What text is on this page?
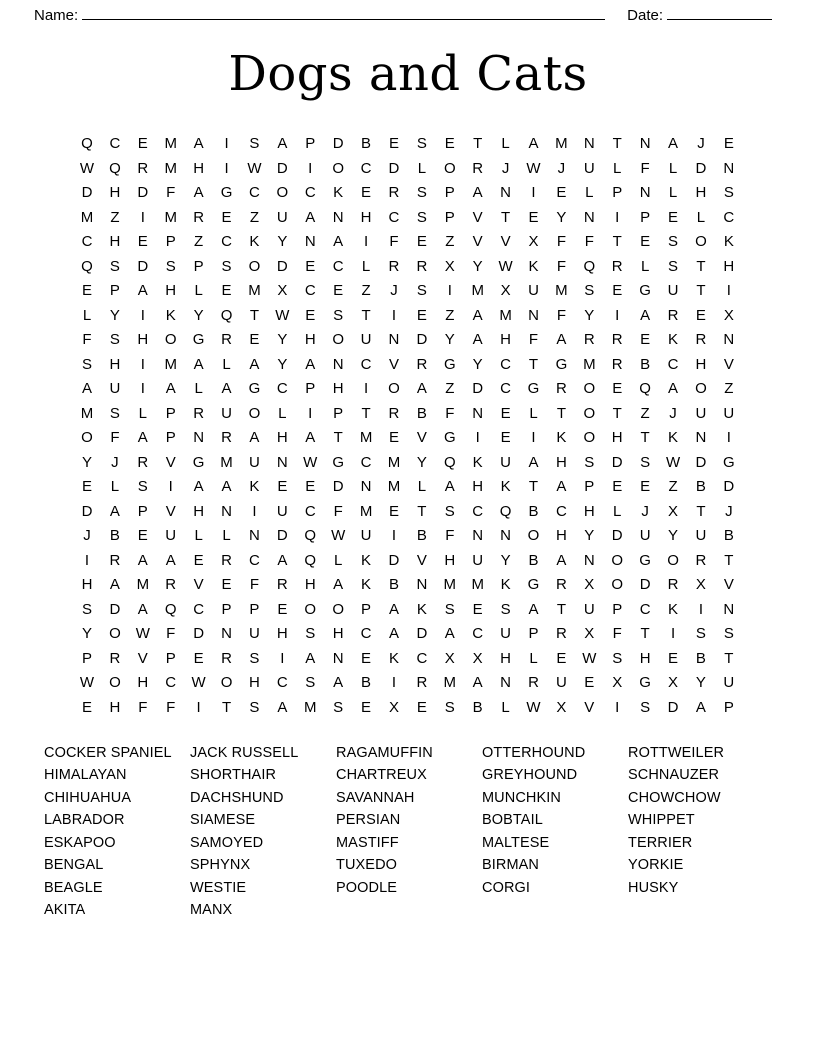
Name:	Date:
Dogs and Cats
Q C E M A	I	S A P D B E S E T	L	A M N T N A	J	E
W Q R M H	I	W D	I	O C D	L	O R	J	W	J	U	L	F	L	D N
D H D F A G C O C K E R S P A N	I	E	L	P N	L	H S
M Z	I	M R E Z U A N H C S P V T E Y N	I	P E	L	C
C H E P Z C K Y N A	I	F E Z V V X F F T E S O K
Q S D S P S O D E C	L	R R X Y W K F Q R	L	S T H
E P A H	L	E M X C E Z	J	S	I	M X U M S E G U T	I
L	Y	I	K Y Q T W E S T	I	E Z A M N F Y	I	A R E X
F S H O G R E Y H O U N D Y A H F A R R E K R N
S H	I	M A	L	A Y A N C V R G Y C T G M R B C H V
A U	I	A	L	A G C P H	I	O A Z D C G R O E Q A O Z
M S	L	P R U O	L	I	P T R B F N E	L	T O T Z	J	U U
O F A P N R A H A T M E V G	I	E	I	K O H T K N	I
Y	J	R V G M U N W G C M Y Q K U A H S D S W D G
E	L	S	I	A A K E E D N M	L	A H K T A P E E Z B D
D A P V H N	I	U C F M E T S C Q B C H	L	J	X T	J
J	B E U	L	L	N D Q W U	I	B F N N O H Y D U Y U B
I	R A A E R C A Q	L	K D V H U Y B A N O G O R T
H A M R V E F R H A K B N M M K G R X O D R X V
S D A Q C P P E O O P A K S E S A T U P C K	I	N
Y O W F D N U H S H C A D A C U P R X F T	I	S S
P R V P E R S	I	A N E K C X X H	L	E W S H E B T
W O H C W O H C S A B	I	R M A N R U E X G X Y U
E H F F	I	T S A M S E X E S B	L	W X V	I	S D A P
COCKER SPANIEL
HIMALAYAN
CHIHUAHUA
LABRADOR
ESKAPOO
BENGAL
BEAGLE
AKITA
JACK RUSSELL
SHORTHAIR
DACHSHUND
SIAMESE
SAMOYED
SPHYNX
WESTIE
MANX
RAGAMUFFIN
CHARTREUX
SAVANNAH
PERSIAN
MASTIFF
TUXEDO
POODLE
OTTERHOUND
GREYHOUND
MUNCHKIN
BOBTAIL
MALTESE
BIRMAN
CORGI
ROTTWEILER
SCHNAUZER
CHOWCHOW
WHIPPET
TERRIER
YORKIE
HUSKY
